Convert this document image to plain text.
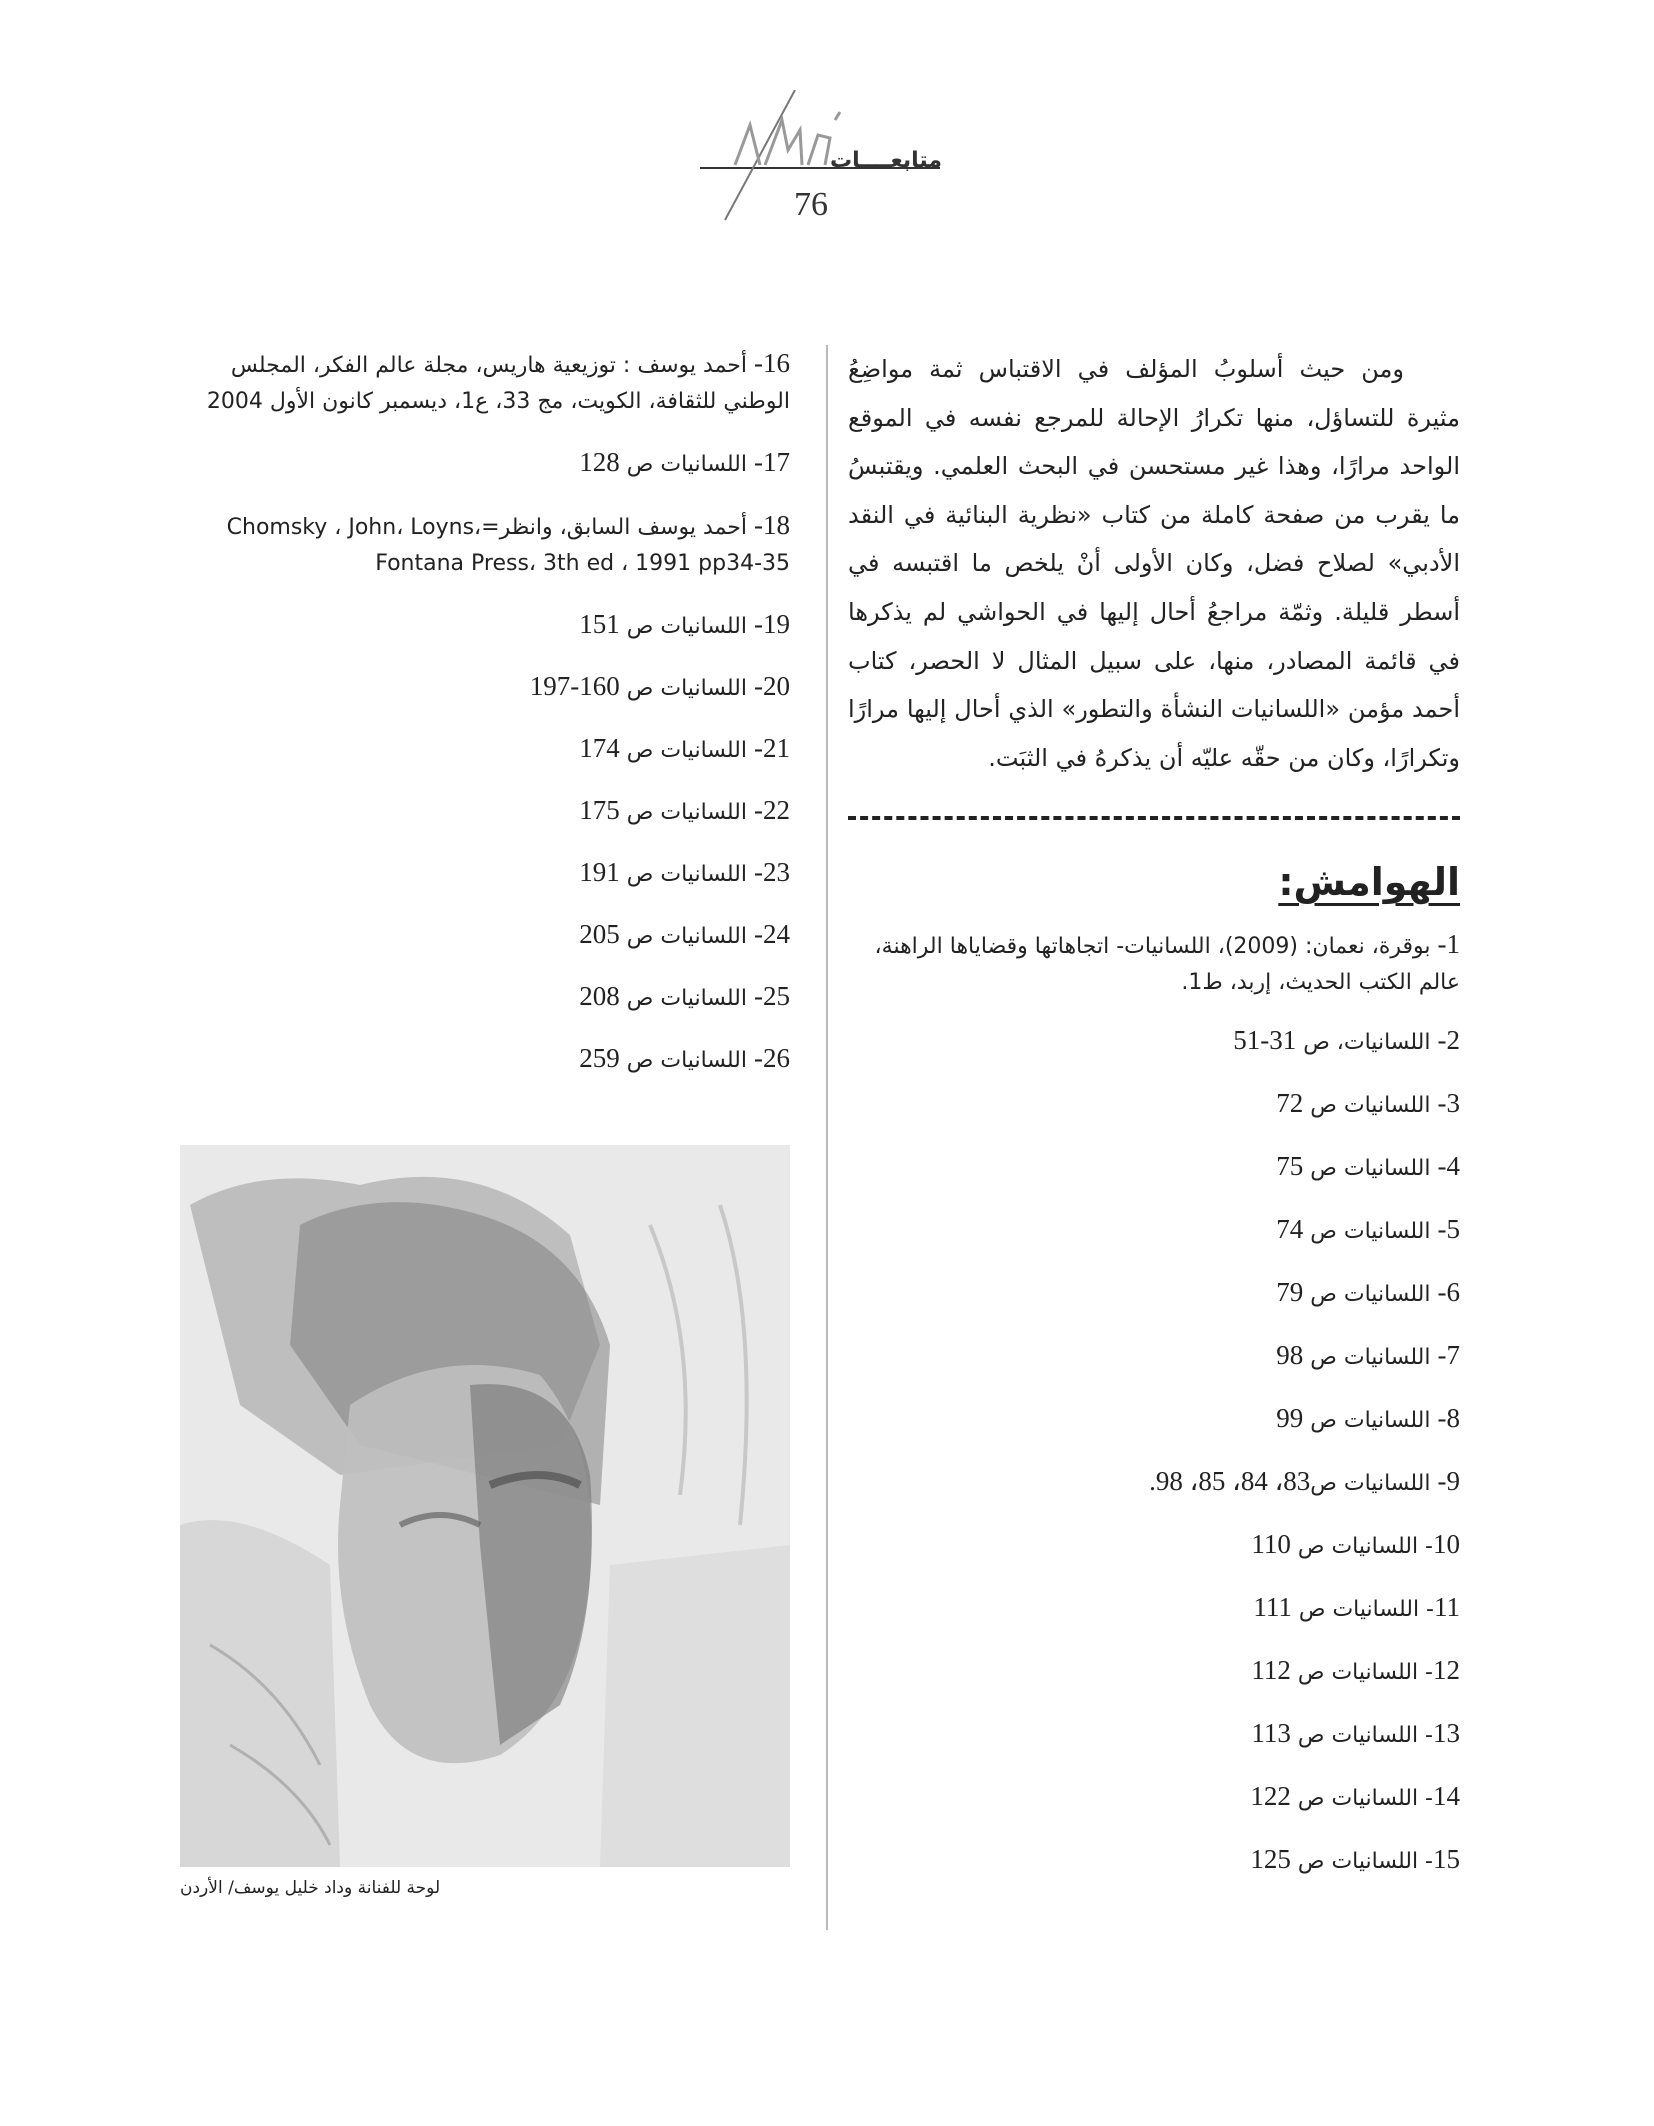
متابعــــات
76

ومن حيث أسلوبُ المؤلف في الاقتباس ثمة مواضِعُ مثيرة للتساؤل، منها تكرارُ الإحالة للمرجع نفسه في الموقع الواحد مرارًا، وهذا غير مستحسن في البحث العلمي. ويقتبسُ ما يقرب من صفحة كاملة من كتاب «نظرية البنائية في النقد الأدبي» لصلاح فضل، وكان الأولى أنْ يلخص ما اقتبسه في أسطر قليلة. وثمّة مراجعُ أحال إليها في الحواشي لم يذكرها في قائمة المصادر، منها، على سبيل المثال لا الحصر، كتاب أحمد مؤمن «اللسانيات النشأة والتطور» الذي أحال إليها مرارًا وتكرارًا، وكان من حقّه عليّه أن يذكرهُ في الثبَت.

الهوامش:
1- بوقرة، نعمان: (2009)، اللسانيات- اتجاهاتها وقضاياها الراهنة، عالم الكتب الحديث، إربد، ط1.
2- اللسانيات، ص 31-51
3- اللسانيات ص 72
4- اللسانيات ص 75
5- اللسانيات ص 74
6- اللسانيات ص 79
7- اللسانيات ص 98
8- اللسانيات ص 99
9- اللسانيات ص83، 84، 85، 98.
10- اللسانيات ص 110
11- اللسانيات ص 111
12- اللسانيات ص 112
13- اللسانيات ص 113
14- اللسانيات ص 122
15- اللسانيات ص 125
16- أحمد يوسف : توزيعية هاريس، مجلة عالم الفكر، المجلس الوطني للثقافة، الكويت، مج 33، ع1، ديسمبر كانون الأول 2004
17- اللسانيات ص 128
18- أحمد يوسف السابق، وانظر=،Chomsky ، John، Loyns Fontana Press، 3th ed ، 1991 pp34-35
19- اللسانيات ص 151
20- اللسانيات ص 160-197
21- اللسانيات ص 174
22- اللسانيات ص 175
23- اللسانيات ص 191
24- اللسانيات ص 205
25- اللسانيات ص 208
26- اللسانيات ص 259
لوحة للفنانة وداد خليل يوسف/ الأردن
